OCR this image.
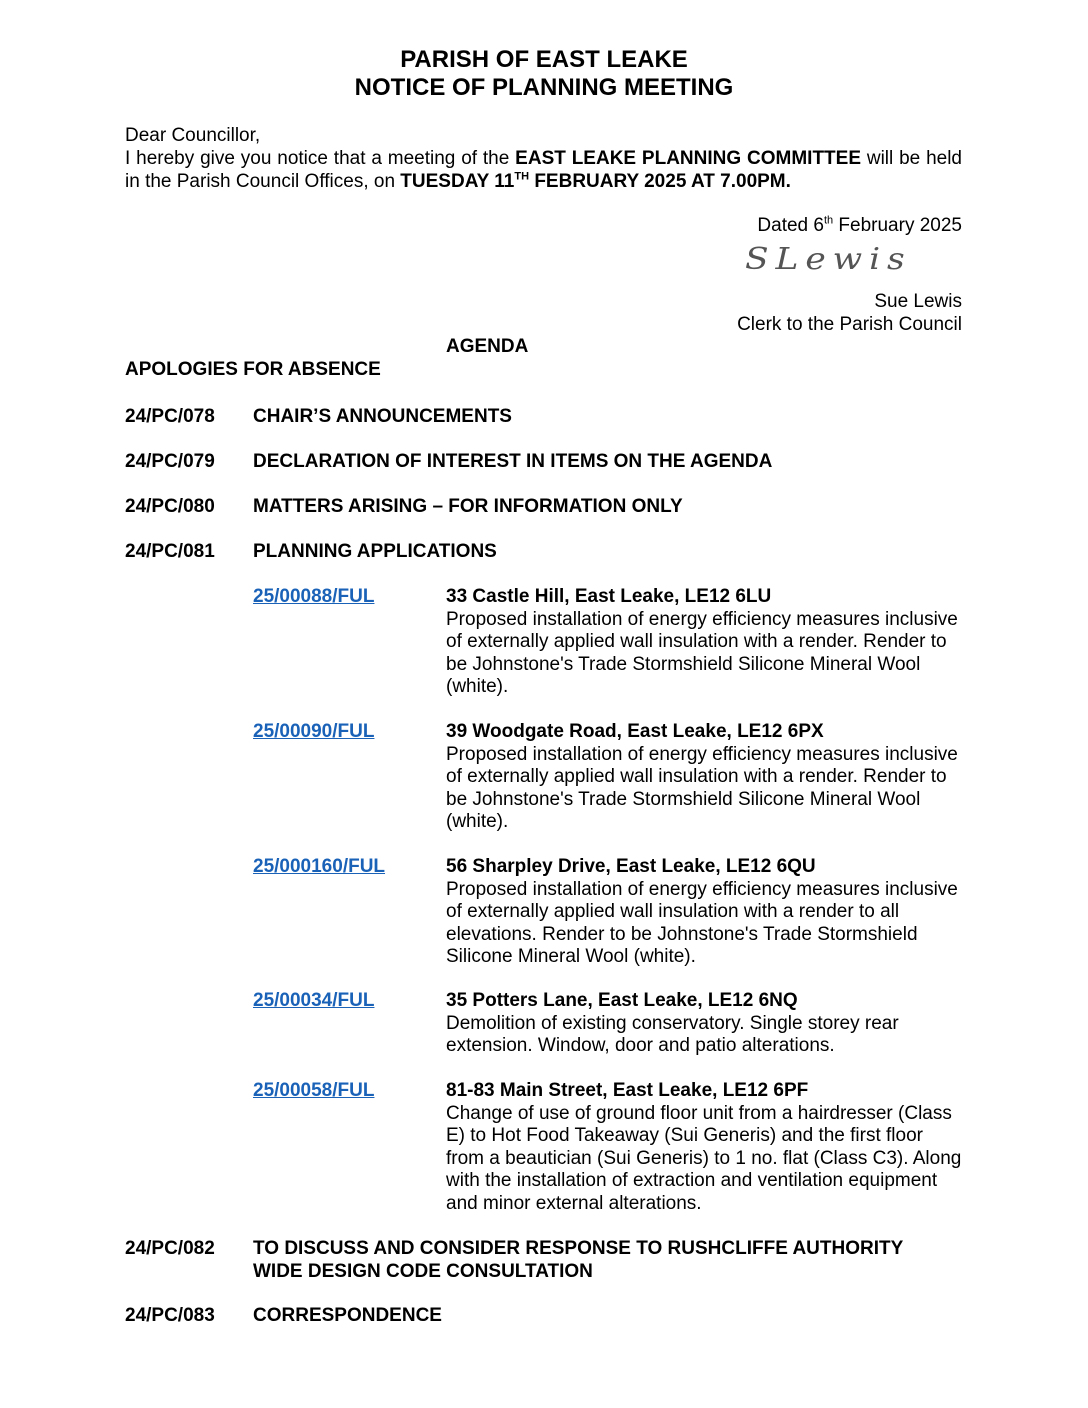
PARISH OF EAST LEAKE
NOTICE OF PLANNING MEETING
Dear Councillor,
I hereby give you notice that a meeting of the EAST LEAKE PLANNING COMMITTEE will be held in the Parish Council Offices, on TUESDAY 11TH FEBRUARY 2025 AT 7.00PM.
Dated 6th February 2025
SLewis
Sue Lewis
Clerk to the Parish Council
AGENDA
APOLOGIES FOR ABSENCE
24/PC/078 CHAIR’S ANNOUNCEMENTS
24/PC/079 DECLARATION OF INTEREST IN ITEMS ON THE AGENDA
24/PC/080 MATTERS ARISING – FOR INFORMATION ONLY
24/PC/081 PLANNING APPLICATIONS
25/00088/FUL	33 Castle Hill, East Leake, LE12 6LU
Proposed installation of energy efficiency measures inclusive of externally applied wall insulation with a render. Render to be Johnstone's Trade Stormshield Silicone Mineral Wool (white).
25/00090/FUL	39 Woodgate Road, East Leake, LE12 6PX
Proposed installation of energy efficiency measures inclusive of externally applied wall insulation with a render. Render to be Johnstone's Trade Stormshield Silicone Mineral Wool (white).
25/000160/FUL	56 Sharpley Drive, East Leake, LE12 6QU
Proposed installation of energy efficiency measures inclusive of externally applied wall insulation with a render to all elevations. Render to be Johnstone's Trade Stormshield Silicone Mineral Wool (white).
25/00034/FUL	35 Potters Lane, East Leake, LE12 6NQ
Demolition of existing conservatory. Single storey rear extension. Window, door and patio alterations.
25/00058/FUL	81-83 Main Street, East Leake, LE12 6PF
Change of use of ground floor unit from a hairdresser (Class E) to Hot Food Takeaway (Sui Generis) and the first floor from a beautician (Sui Generis) to 1 no. flat (Class C3). Along with the installation of extraction and ventilation equipment and minor external alterations.
24/PC/082 TO DISCUSS AND CONSIDER RESPONSE TO RUSHCLIFFE AUTHORITY WIDE DESIGN CODE CONSULTATION
24/PC/083 CORRESPONDENCE
